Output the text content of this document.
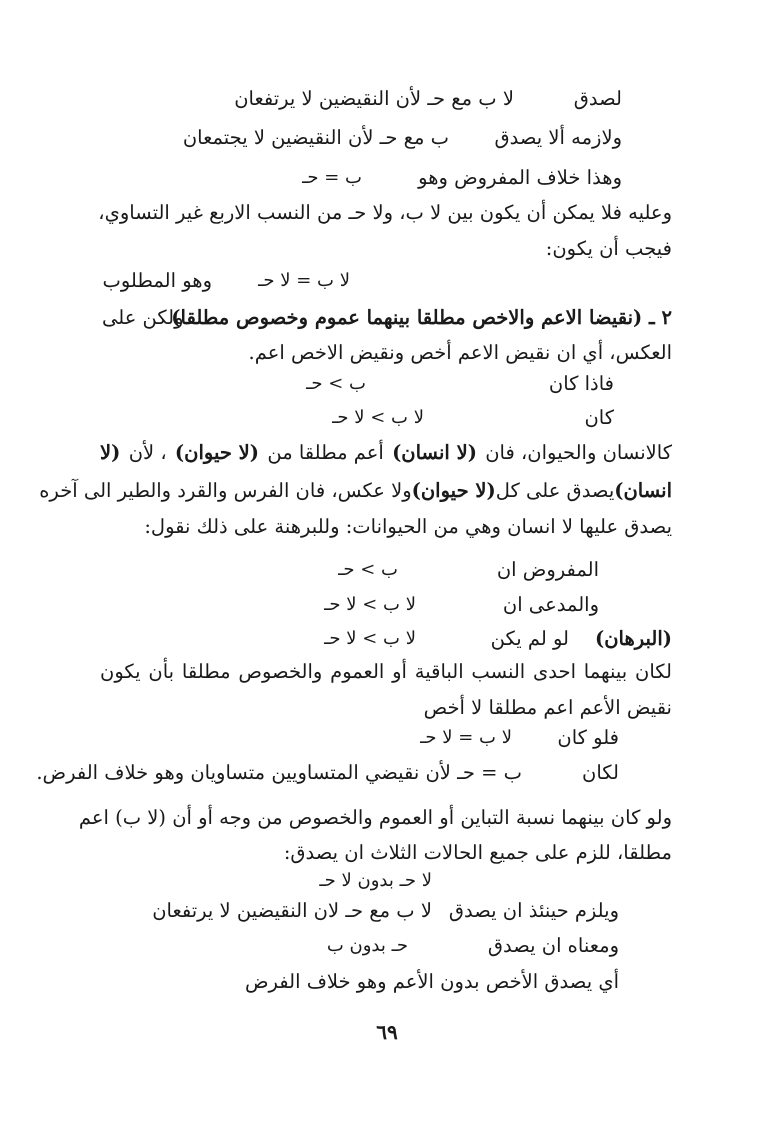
لصدق
لا ب مع حـ لأن النقيضين لا يرتفعان
ولازمه ألا يصدق
ب مع حـ لأن النقيضين لا يجتمعان
وهذا خلاف المفروض وهو
ب = حـ
وعليه فلا يمكن أن يكون بين لا ب، ولا حـ من النسب الاربع غير التساوي،
فيجب أن يكون:
لا ب = لا حـ
وهو المطلوب
٢ ـ (نقيضا الاعم والاخص مطلقا بينهما عموم وخصوص مطلقا)
، ولكن على
العكس، أي ان نقيض الاعم أخص ونقيض الاخص اعم.
فاذا كان
ب > حـ
كان
لا ب > لا حـ
كالانسان والحيوان، فان
(لا انسان)
أعم مطلقا من
(لا حيوان)
، لأن
(لا
انسان)
يصدق على كل
(لا حيوان)
ولا عكس، فان الفرس والقرد والطير الى آخره
يصدق عليها لا انسان وهي من الحيوانات: وللبرهنة على ذلك نقول:
المفروض ان
ب > حـ
والمدعى ان
لا ب > لا حـ
(البرهان)
لو لم يكن
لا ب > لا حـ
لكان بينهما احدى النسب الباقية أو العموم والخصوص مطلقا بأن يكون
نقيض الأعم اعم مطلقا لا أخص
فلو كان
لا ب = لا حـ
لكان
ب = حـ لأن نقيضي المتساويين متساويان وهو خلاف الفرض.
ولو كان بينهما نسبة التباين أو العموم والخصوص من وجه أو أن (لا ب) اعم
مطلقا، للزم على جميع الحالات الثلاث ان يصدق:
لا حـ بدون لا حـ
ويلزم حينئذ ان يصدق
لا ب مع حـ لان النقيضين لا يرتفعان
ومعناه ان يصدق
حـ بدون ب
أي يصدق الأخص بدون الأعم وهو خلاف الفرض
٦٩
